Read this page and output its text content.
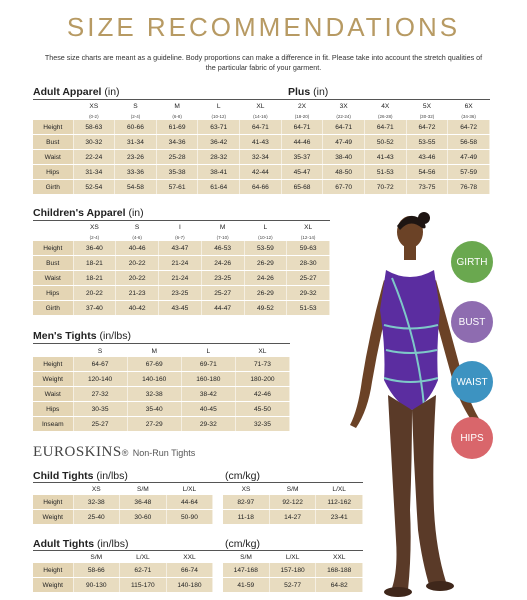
SIZE RECOMMENDATIONS
These size charts are meant as a guideline. Body proportions can make a difference in fit. Please take into account the stretch qualities of the particular fabric of your garment.
Adult Apparel (in)	Plus (in)
	XS	S	M	L	XL	2X	3X	4X	5X	6X
	(0-2)	(2-4)	(6-8)	(10-12)	(14-16)	(18-20)	(22-24)	(26-28)	(30-32)	(34-36)
Height	58-63	60-66	61-69	63-71	64-71	64-71	64-71	64-71	64-72	64-72
Bust	30-32	31-34	34-36	36-42	41-43	44-46	47-49	50-52	53-55	56-58
Waist	22-24	23-26	25-28	28-32	32-34	35-37	38-40	41-43	43-46	47-49
Hips	31-34	33-36	35-38	38-41	42-44	45-47	48-50	51-53	54-56	57-59
Girth	52-54	54-58	57-61	61-64	64-66	65-68	67-70	70-72	73-75	76-78
Children's Apparel (in)
	XS	S	I	M	L	XL
	(2-4)	(4-6)	(6-7)	(7-10)	(10-12)	(12-14)
Height	36-40	40-46	43-47	46-53	53-59	59-63
Bust	18-21	20-22	21-24	24-26	26-29	28-30
Waist	18-21	20-22	21-24	23-25	24-26	25-27
Hips	20-22	21-23	23-25	25-27	26-29	29-32
Girth	37-40	40-42	43-45	44-47	49-52	51-53
Men's Tights (in/lbs)
	S	M	L	XL
Height	64-67	67-69	69-71	71-73
Weight	120-140	140-160	160-180	180-200
Waist	27-32	32-38	38-42	42-46
Hips	30-35	35-40	40-45	45-50
Inseam	25-27	27-29	29-32	32-35
EUROSKINS® Non-Run Tights
Child Tights (in/lbs)	(cm/kg)
	XS	S/M	L/XL		XS	S/M	L/XL
Height	32-38	36-48	44-64		82-97	92-122	112-162
Weight	25-40	30-60	50-90		11-18	14-27	23-41
Adult Tights (in/lbs)	(cm/kg)
	S/M	L/XL	XXL		S/M	L/XL	XXL
Height	58-66	62-71	66-74		147-168	157-180	168-188
Weight	90-130	115-170	140-180		41-59	52-77	64-82
GIRTH
BUST
WAIST
HIPS
